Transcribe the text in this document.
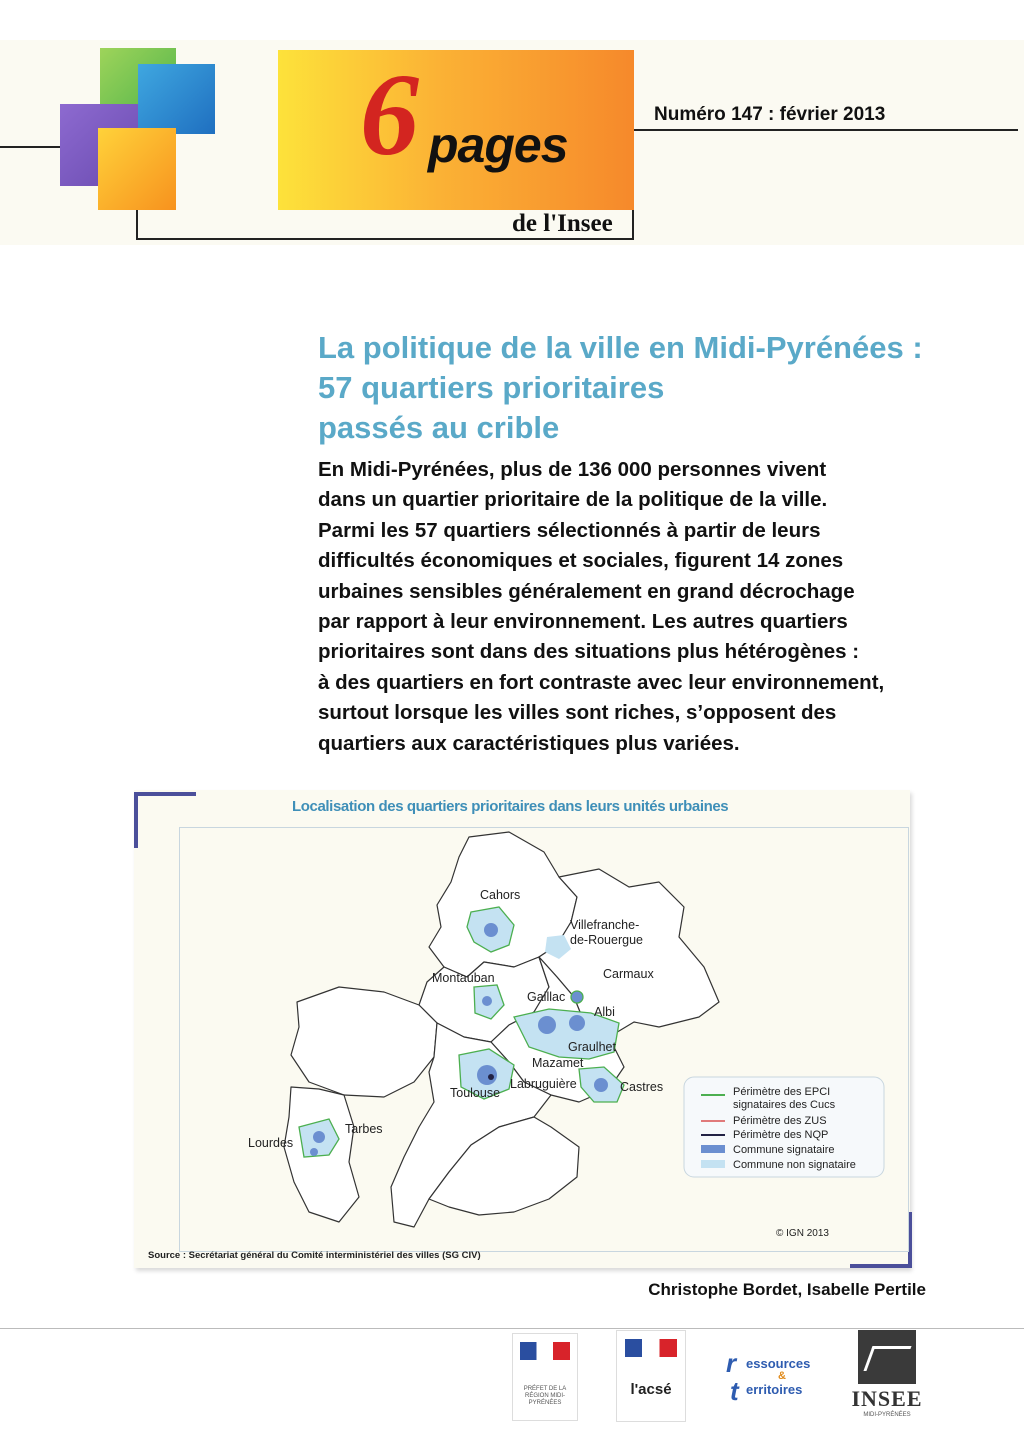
6 pages
de l'Insee
Numéro 147 : février 2013
La politique de la ville en Midi-Pyrénées :
57 quartiers prioritaires
passés au crible
En Midi-Pyrénées, plus de 136 000 personnes vivent
dans un quartier prioritaire de la politique de la ville.
Parmi les 57 quartiers sélectionnés à partir de leurs
difficultés économiques et sociales, figurent 14 zones
urbaines sensibles généralement en grand décrochage
par rapport à leur environnement. Les autres quartiers
prioritaires sont dans des situations plus hétérogènes :
à des quartiers en fort contraste avec leur environnement,
surtout lorsque les villes sont riches, s’opposent des
quartiers aux caractéristiques plus variées.
Localisation des quartiers prioritaires dans leurs unités urbaines
Cahors
Villefranche-
de-Rouergue
Carmaux
Montauban
Gaillac
Albi
Graulhet
Mazamet
Labruguière	Castres
Toulouse
Tarbes
Lourdes
Périmètre des EPCI
signataires des Cucs
Périmètre des ZUS
Périmètre des NQP
Commune signataire
Commune non signataire
© IGN 2013
Source : Secrétariat général du Comité interministériel des villes (SG CIV)
Christophe Bordet, Isabelle Pertile
PRÉFET DE LA RÉGION MIDI-PYRÉNÉES
l'acsé
r essources
&
t erritoires INSEE
MIDI-PYRÉNÉES
